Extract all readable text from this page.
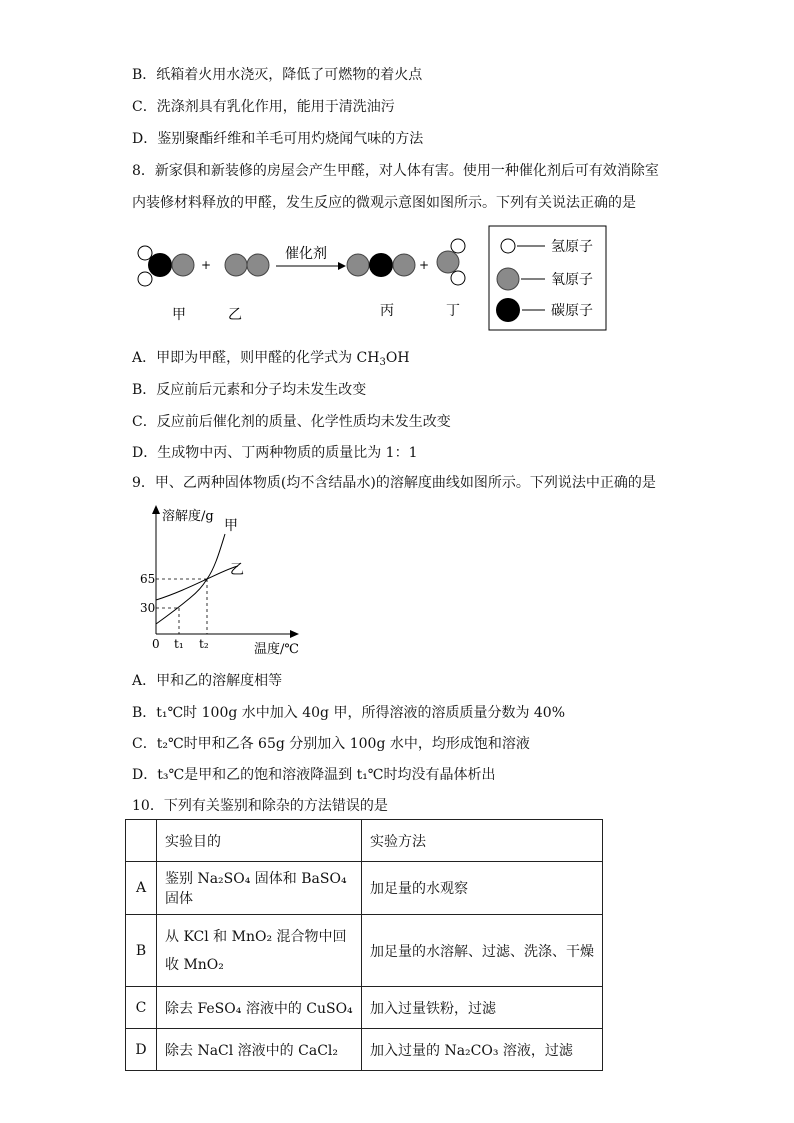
B．纸箱着火用水浇灭，降低了可燃物的着火点
C．洗涤剂具有乳化作用，能用于清洗油污
D．鉴别聚酯纤维和羊毛可用灼烧闻气味的方法
8．新家俱和新装修的房屋会产生甲醛，对人体有害。使用一种催化剂后可有效消除室
内装修材料释放的甲醛，发生反应的微观示意图如图所示。下列有关说法正确的是
+
催化剂
+
甲	乙	丙	丁
氢原子
氧原子
碳原子
A．甲即为甲醛，则甲醛的化学式为 $CH_3OH$
B．反应前后元素和分子均未发生改变
C．反应前后催化剂的质量、化学性质均未发生改变
D．生成物中丙、丁两种物质的质量比为 1：1
9．甲、乙两种固体物质(均不含结晶水)的溶解度曲线如图所示。下列说法中正确的是
溶解度/g
温度/℃
0
65
30
t₁ t₂
甲
乙
A．甲和乙的溶解度相等
B．t₁℃时 100g 水中加入 40g 甲，所得溶液的溶质质量分数为 40%
C．t₂℃时甲和乙各 65g 分别加入 100g 水中，均形成饱和溶液
D．t₃℃是甲和乙的饱和溶液降温到 t₁℃时均没有晶体析出
10．下列有关鉴别和除杂的方法错误的是
	实验目的	实验方法
A	鉴别 Na₂SO₄ 固体和 BaSO₄ 固体	加足量的水观察
B	从 KCl 和 MnO₂ 混合物中回收 MnO₂	加足量的水溶解、过滤、洗涤、干燥
C	除去 FeSO₄ 溶液中的 CuSO₄	加入过量铁粉，过滤
D	除去 NaCl 溶液中的 CaCl₂	加入过量的 Na₂CO₃ 溶液，过滤
